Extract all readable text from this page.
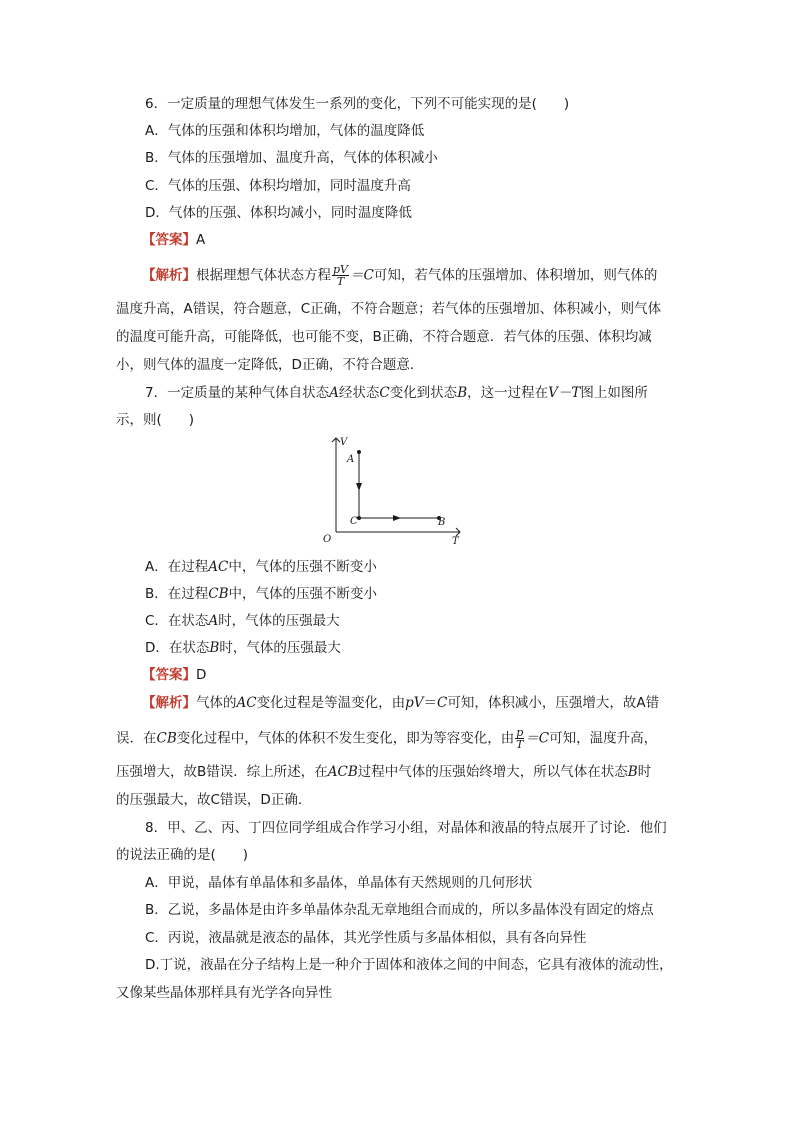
6．一定质量的理想气体发生一系列的变化，下列不可能实现的是(　　)
A．气体的压强和体积均增加，气体的温度降低
B．气体的压强增加、温度升高，气体的体积减小
C．气体的压强、体积均增加，同时温度升高
D．气体的压强、体积均减小，同时温度降低
【答案】A
【解析】根据理想气体状态方程 $\frac{pV}{T} =C$可知，若气体的压强增加、体积增加，则气体的
温度升高，A错误，符合题意，C正确，不符合题意；若气体的压强增加、体积减小，则气体
的温度可能升高，可能降低，也可能不变，B正确，不符合题意．若气体的压强、体积均减
小，则气体的温度一定降低，D正确，不符合题意．
7．一定质量的某种气体自状态A经状态C变化到状态B，这一过程在V－T图上如图所
示，则(　　)
V
T
O
A
C	B
A．在过程AC中，气体的压强不断变小
B．在过程CB中，气体的压强不断变小
C．在状态A时，气体的压强最大
D．在状态B时，气体的压强最大
【答案】D
【解析】气体的AC变化过程是等温变化，由pV＝C可知，体积减小，压强增大，故A错
误．在CB变化过程中，气体的体积不发生变化，即为等容变化，由 $\frac{p}{T} =C$可知，温度升高，
压强增大，故B错误．综上所述，在ACB过程中气体的压强始终增大，所以气体在状态B时
的压强最大，故C错误，D正确．
8．甲、乙、丙、丁四位同学组成合作学习小组，对晶体和液晶的特点展开了讨论．他们
的说法正确的是(　　)
A．甲说，晶体有单晶体和多晶体，单晶体有天然规则的几何形状
B．乙说，多晶体是由许多单晶体杂乱无章地组合而成的，所以多晶体没有固定的熔点
C．丙说，液晶就是液态的晶体，其光学性质与多晶体相似，具有各向异性
D.丁说，液晶在分子结构上是一种介于固体和液体之间的中间态，它具有液体的流动性，
又像某些晶体那样具有光学各向异性
